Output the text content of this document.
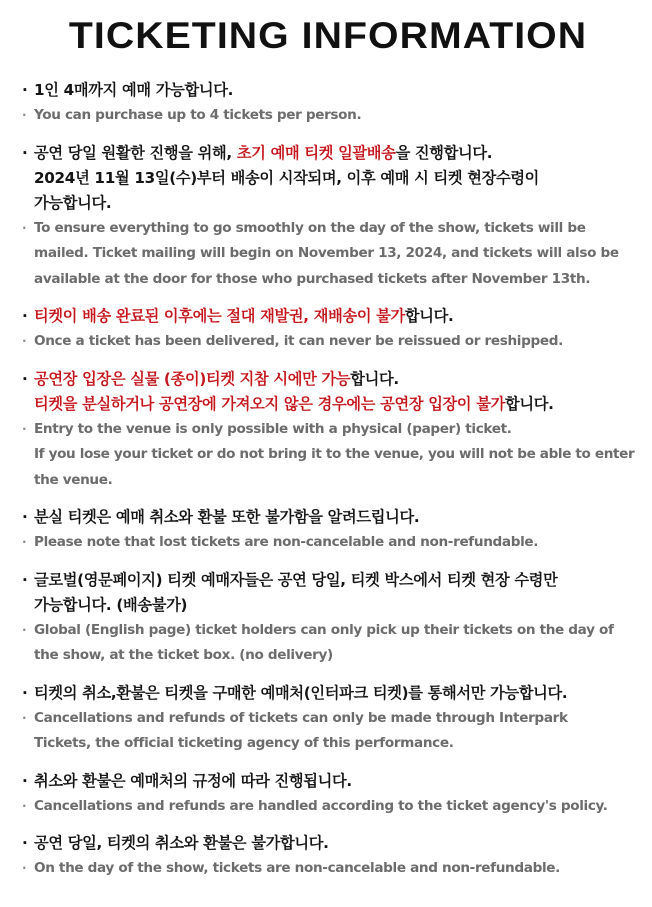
TICKETING INFORMATION
· 1인 4매까지 예매 가능합니다.
· You can purchase up to 4 tickets per person.
· 공연 당일 원활한 진행을 위해, 초기 예매 티켓 일괄배송을 진행합니다.
2024년 11월 13일(수)부터 배송이 시작되며, 이후 예매 시 티켓 현장수령이
가능합니다.
· To ensure everything to go smoothly on the day of the show, tickets will be
mailed. Ticket mailing will begin on November 13, 2024, and tickets will also be
available at the door for those who purchased tickets after November 13th.
· 티켓이 배송 완료된 이후에는 절대 재발권, 재배송이 불가합니다.
· Once a ticket has been delivered, it can never be reissued or reshipped.
· 공연장 입장은 실물 (종이)티켓 지참 시에만 가능합니다.
티켓을 분실하거나 공연장에 가져오지 않은 경우에는 공연장 입장이 불가합니다.
· Entry to the venue is only possible with a physical (paper) ticket.
If you lose your ticket or do not bring it to the venue, you will not be able to enter
the venue.
· 분실 티켓은 예매 취소와 환불 또한 불가함을 알려드립니다.
· Please note that lost tickets are non-cancelable and non-refundable.
· 글로벌(영문페이지) 티켓 예매자들은 공연 당일, 티켓 박스에서 티켓 현장 수령만
가능합니다. (배송불가)
· Global (English page) ticket holders can only pick up their tickets on the day of
the show, at the ticket box. (no delivery)
· 티켓의 취소,환불은 티켓을 구매한 예매처(인터파크 티켓)를 통해서만 가능합니다.
· Cancellations and refunds of tickets can only be made through Interpark
Tickets, the official ticketing agency of this performance.
· 취소와 환불은 예매처의 규정에 따라 진행됩니다.
· Cancellations and refunds are handled according to the ticket agency's policy.
· 공연 당일, 티켓의 취소와 환불은 불가합니다.
· On the day of the show, tickets are non-cancelable and non-refundable.
